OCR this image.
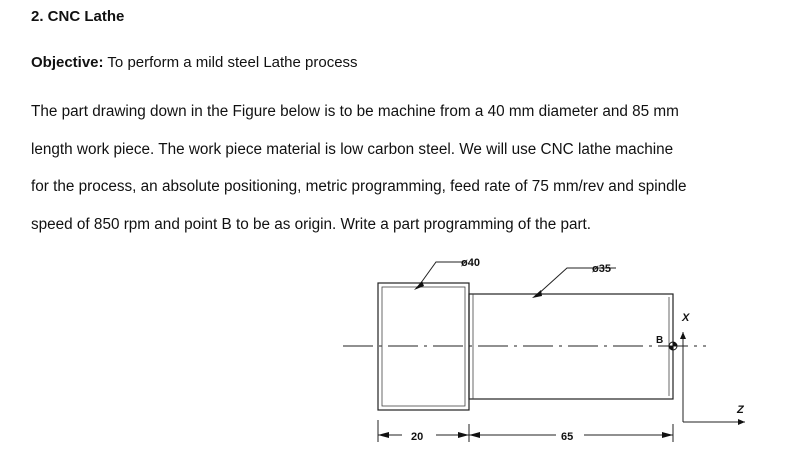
2. CNC Lathe

Objective: To perform a mild steel Lathe process

The part drawing down in the Figure below is to be machine from a 40 mm diameter and 85 mm
length work piece. The work piece material is low carbon steel. We will use CNC lathe machine
for the process, an absolute positioning, metric programming, feed rate of 75 mm/rev and spindle
speed of 850 rpm and point B to be as origin. Write a part programming of the part.

ø40	ø35
B
X
Z
20	65
